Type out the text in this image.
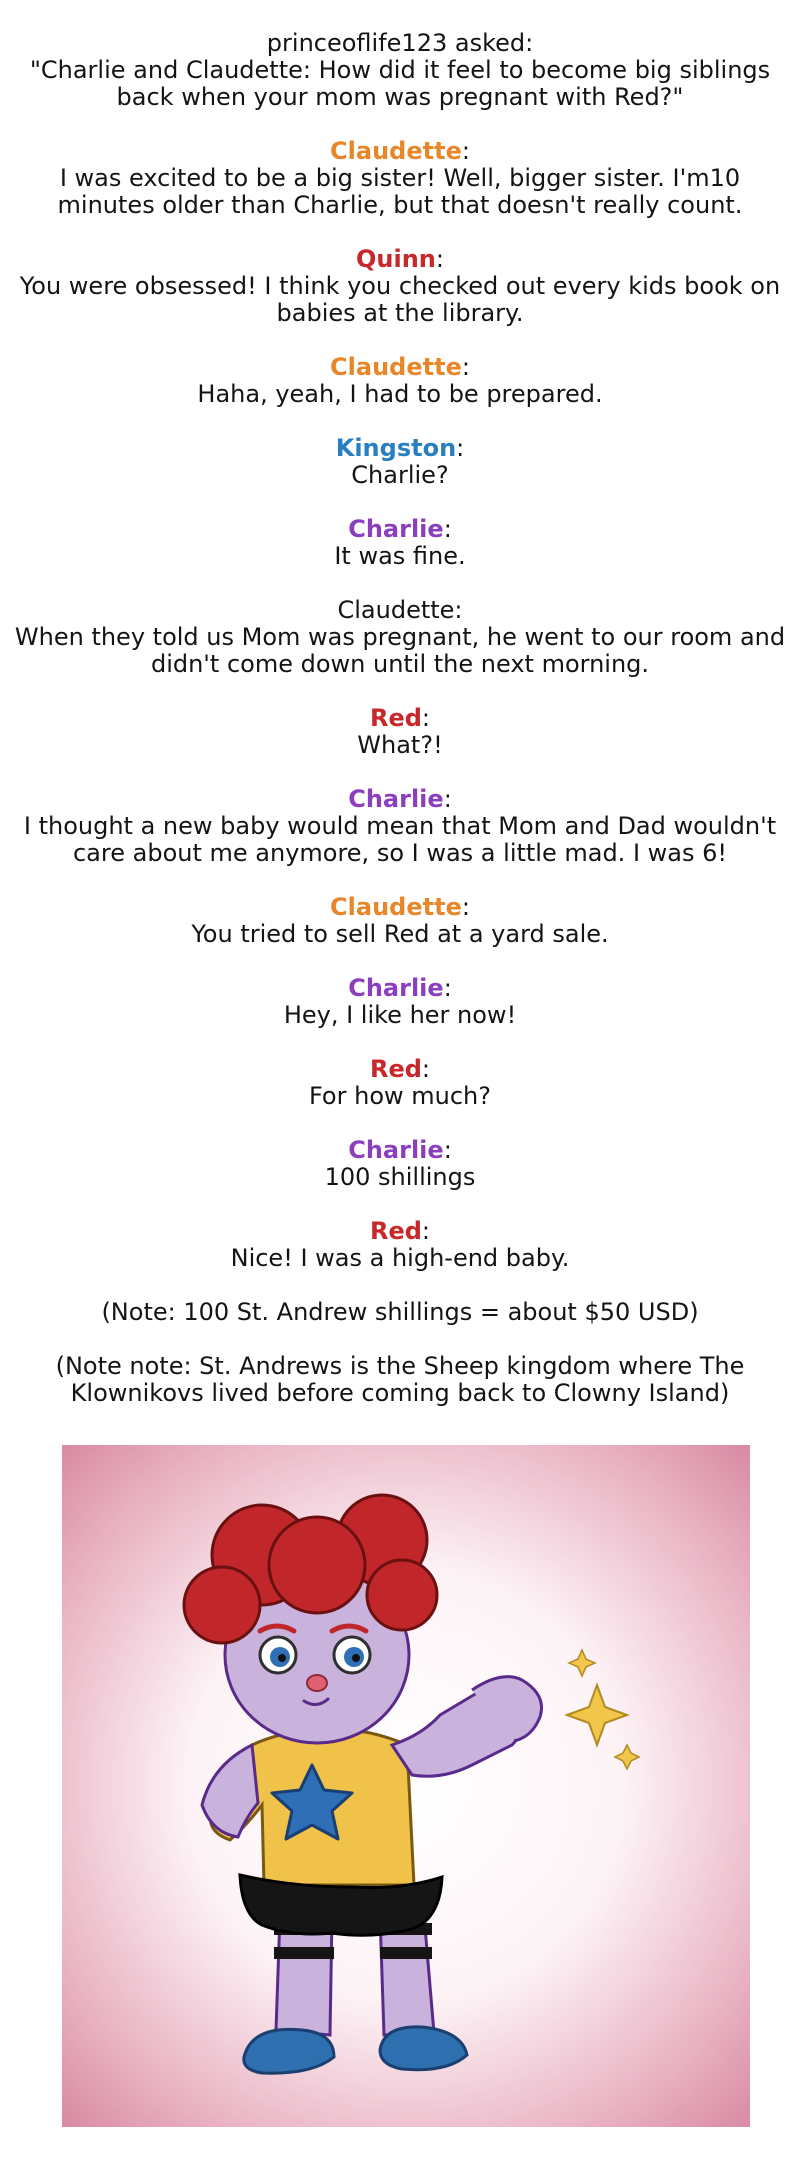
princeoflife123 asked:
"Charlie and Claudette: How did it feel to become big siblings back when your mom was pregnant with Red?"
Claudette:
I was excited to be a big sister! Well, bigger sister. I'm10 minutes older than Charlie, but that doesn't really count.
Quinn:
You were obsessed! I think you checked out every kids book on babies at the library.
Claudette:
Haha, yeah, I had to be prepared.
Kingston:
Charlie?
Charlie:
It was fine.
Claudette:
When they told us Mom was pregnant, he went to our room and didn't come down until the next morning.
Red:
What?!
Charlie:
I thought a new baby would mean that Mom and Dad wouldn't care about me anymore, so I was a little mad. I was 6!
Claudette:
You tried to sell Red at a yard sale.
Charlie:
Hey, I like her now!
Red:
For how much?
Charlie:
100 shillings
Red:
Nice! I was a high-end baby.
(Note: 100 St. Andrew shillings = about $50 USD)
(Note note: St. Andrews is the Sheep kingdom where The Klownikovs lived before coming back to Clowny Island)
